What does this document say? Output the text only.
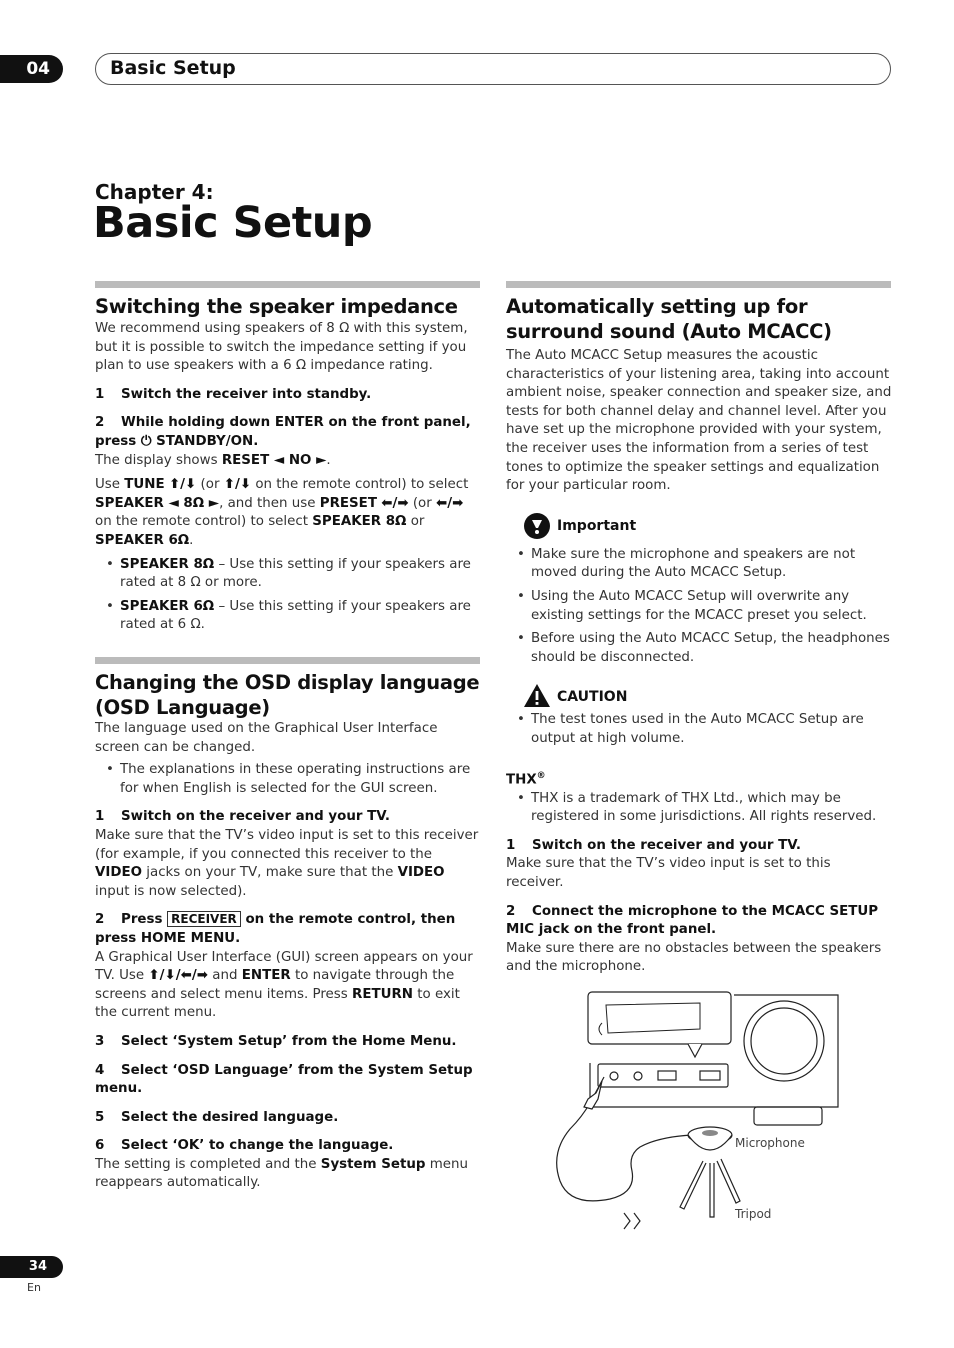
04	Basic Setup
Chapter 4:
Basic Setup
Switching the speaker impedance

We recommend using speakers of 8 Ω with this system, but it is possible to switch the impedance setting if you plan to use speakers with a 6 Ω impedance rating.

1 Switch the receiver into standby.

2 While holding down ENTER on the front panel, press ⏻ STANDBY/ON.

The display shows RESET ◄ NO ►.

Use TUNE ⬆/⬇ (or ⬆/⬇ on the remote control) to select SPEAKER ◄ 8Ω ►, and then use PRESET ⬅/➡ (or ⬅/➡ on the remote control) to select SPEAKER 8Ω or SPEAKER 6Ω.

• SPEAKER 8Ω – Use this setting if your speakers are rated at 8 Ω or more.
• SPEAKER 6Ω – Use this setting if your speakers are rated at 6 Ω.
Changing the OSD display language (OSD Language)

The language used on the Graphical User Interface screen can be changed.

• The explanations in these operating instructions are for when English is selected for the GUI screen.

1 Switch on the receiver and your TV.

Make sure that the TV’s video input is set to this receiver (for example, if you connected this receiver to the VIDEO jacks on your TV, make sure that the VIDEO input is now selected).

2 Press RECEIVER on the remote control, then press HOME MENU.

A Graphical User Interface (GUI) screen appears on your TV. Use ⬆/⬇/⬅/➡ and ENTER to navigate through the screens and select menu items. Press RETURN to exit the current menu.

3 Select ‘System Setup’ from the Home Menu.

4 Select ‘OSD Language’ from the System Setup menu.

5 Select the desired language.

6 Select ‘OK’ to change the language.

The setting is completed and the System Setup menu reappears automatically.

Automatically setting up for surround sound (Auto MCACC)

The Auto MCACC Setup measures the acoustic characteristics of your listening area, taking into account ambient noise, speaker connection and speaker size, and tests for both channel delay and channel level. After you have set up the microphone provided with your system, the receiver uses the information from a series of test tones to optimize the speaker settings and equalization for your particular room.

Important
• Make sure the microphone and speakers are not moved during the Auto MCACC Setup.
• Using the Auto MCACC Setup will overwrite any existing settings for the MCACC preset you select.
• Before using the Auto MCACC Setup, the headphones should be disconnected.
CAUTION
• The test tones used in the Auto MCACC Setup are output at high volume.

THX®

• THX is a trademark of THX Ltd., which may be registered in some jurisdictions. All rights reserved.

1 Switch on the receiver and your TV.

Make sure that the TV’s video input is set to this receiver.

2 Connect the microphone to the MCACC SETUP MIC jack on the front panel.

Make sure there are no obstacles between the speakers and the microphone.

Microphone
Tripod
34
En
